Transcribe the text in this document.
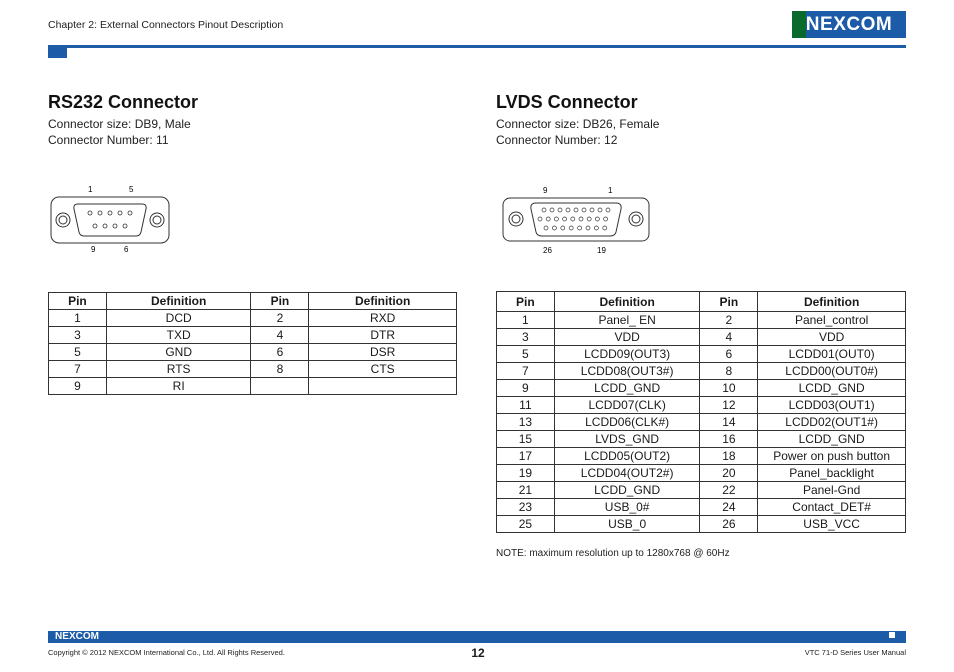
Chapter 2: External Connectors Pinout Description	NEXCOM
RS232 Connector
Connector size: DB9, Male
Connector Number: 11
1	5
9	6
Pin	Definition	Pin	Definition
1	DCD	2	RXD
3	TXD	4	DTR
5	GND	6	DSR
7	RTS	8	CTS
9	RI		
LVDS Connector
Connector size: DB26, Female
Connector Number: 12
9	1
26	19
Pin	Definition	Pin	Definition
1	Panel_ EN	2	Panel_control
3	VDD	4	VDD
5	LCDD09(OUT3)	6	LCDD01(OUT0)
7	LCDD08(OUT3#)	8	LCDD00(OUT0#)
9	LCDD_GND	10	LCDD_GND
11	LCDD07(CLK)	12	LCDD03(OUT1)
13	LCDD06(CLK#)	14	LCDD02(OUT1#)
15	LVDS_GND	16	LCDD_GND
17	LCDD05(OUT2)	18	Power on push button
19	LCDD04(OUT2#)	20	Panel_backlight
21	LCDD_GND	22	Panel-Gnd
23	USB_0#	24	Contact_DET#
25	USB_0	26	USB_VCC
NOTE: maximum resolution up to 1280x768 @ 60Hz
NEXCOM
Copyright © 2012 NEXCOM International Co., Ltd. All Rights Reserved.	12	VTC 71-D Series User Manual
